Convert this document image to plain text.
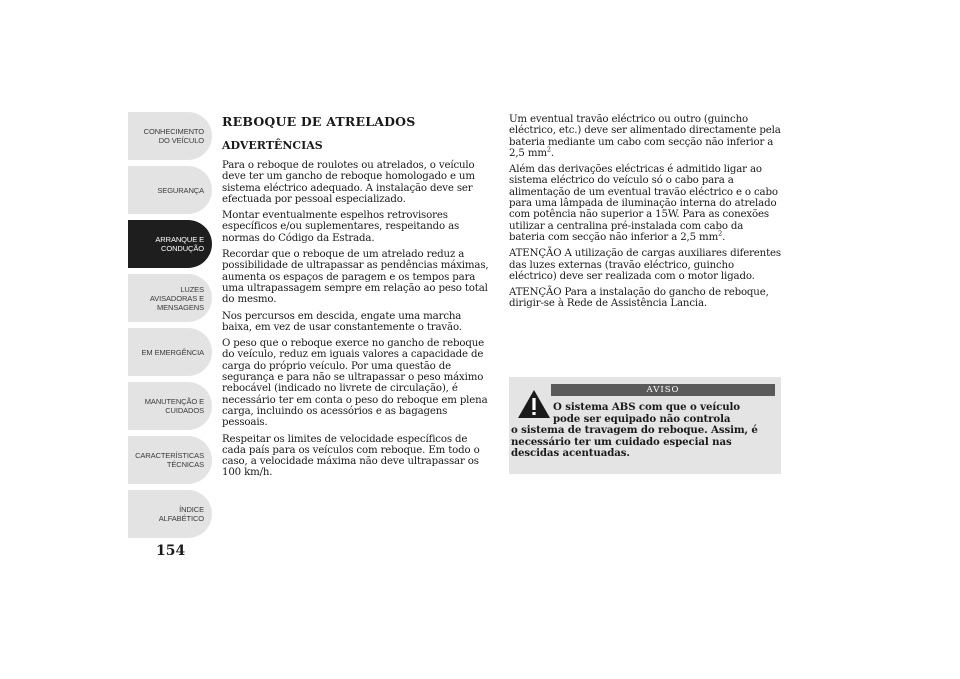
CONHECIMENTO
DO VEÍCULO
SEGURANÇA
ARRANQUE E
CONDUÇÃO
LUZES
AVISADORAS E
MENSAGENS
EM EMERGÊNCIA
MANUTENÇÃO E
CUIDADOS
CARACTERÍSTICAS
TÉCNICAS
ÍNDICE
ALFABÉTICO
154
REBOQUE DE ATRELADOS
ADVERTÊNCIAS

Para o reboque de roulotes ou atrelados, o veículo deve ter um gancho de reboque homologado e um sistema eléctrico adequado. A instalação deve ser efectuada por pessoal especializado.

Montar eventualmente espelhos retrovisores específicos e/ou suplementares, respeitando as normas do Código da Estrada.

Recordar que o reboque de um atrelado reduz a possibilidade de ultrapassar as pendências máximas, aumenta os espaços de paragem e os tempos para uma ultrapassagem sempre em relação ao peso total do mesmo.

Nos percursos em descida, engate uma marcha baixa, em vez de usar constantemente o travão.

O peso que o reboque exerce no gancho de reboque do veículo, reduz em iguais valores a capacidade de carga do próprio veículo. Por uma questão de segurança e para não se ultrapassar o peso máximo rebocável (indicado no livrete de circulação), é necessário ter em conta o peso do reboque em plena carga, incluindo os acessórios e as bagagens pessoais.

Respeitar os limites de velocidade específicos de cada país para os veículos com reboque. Em todo o caso, a velocidade máxima não deve ultrapassar os 100 km/h.

Um eventual travão eléctrico ou outro (guincho eléctrico, etc.) deve ser alimentado directamente pela bateria mediante um cabo com secção não inferior a 2,5 $mm^2$.

Além das derivações eléctricas é admitido ligar ao sistema eléctrico do veículo só o cabo para a alimentação de um eventual travão eléctrico e o cabo para uma lâmpada de iluminação interna do atrelado com potência não superior a 15W. Para as conexões utilizar a centralina pré-instalada com cabo da bateria com secção não inferior a 2,5 $mm^2$.

ATENÇÃO A utilização de cargas auxiliares diferentes das luzes externas (travão eléctrico, guincho eléctrico) deve ser realizada com o motor ligado.

ATENÇÃO Para a instalação do gancho de reboque, dirigir-se à Rede de Assistência Lancia.

AVISO
O sistema ABS com que o veículo
pode ser equipado não controla
o sistema de travagem do reboque. Assim, é
necessário ter um cuidado especial nas
descidas acentuadas.
